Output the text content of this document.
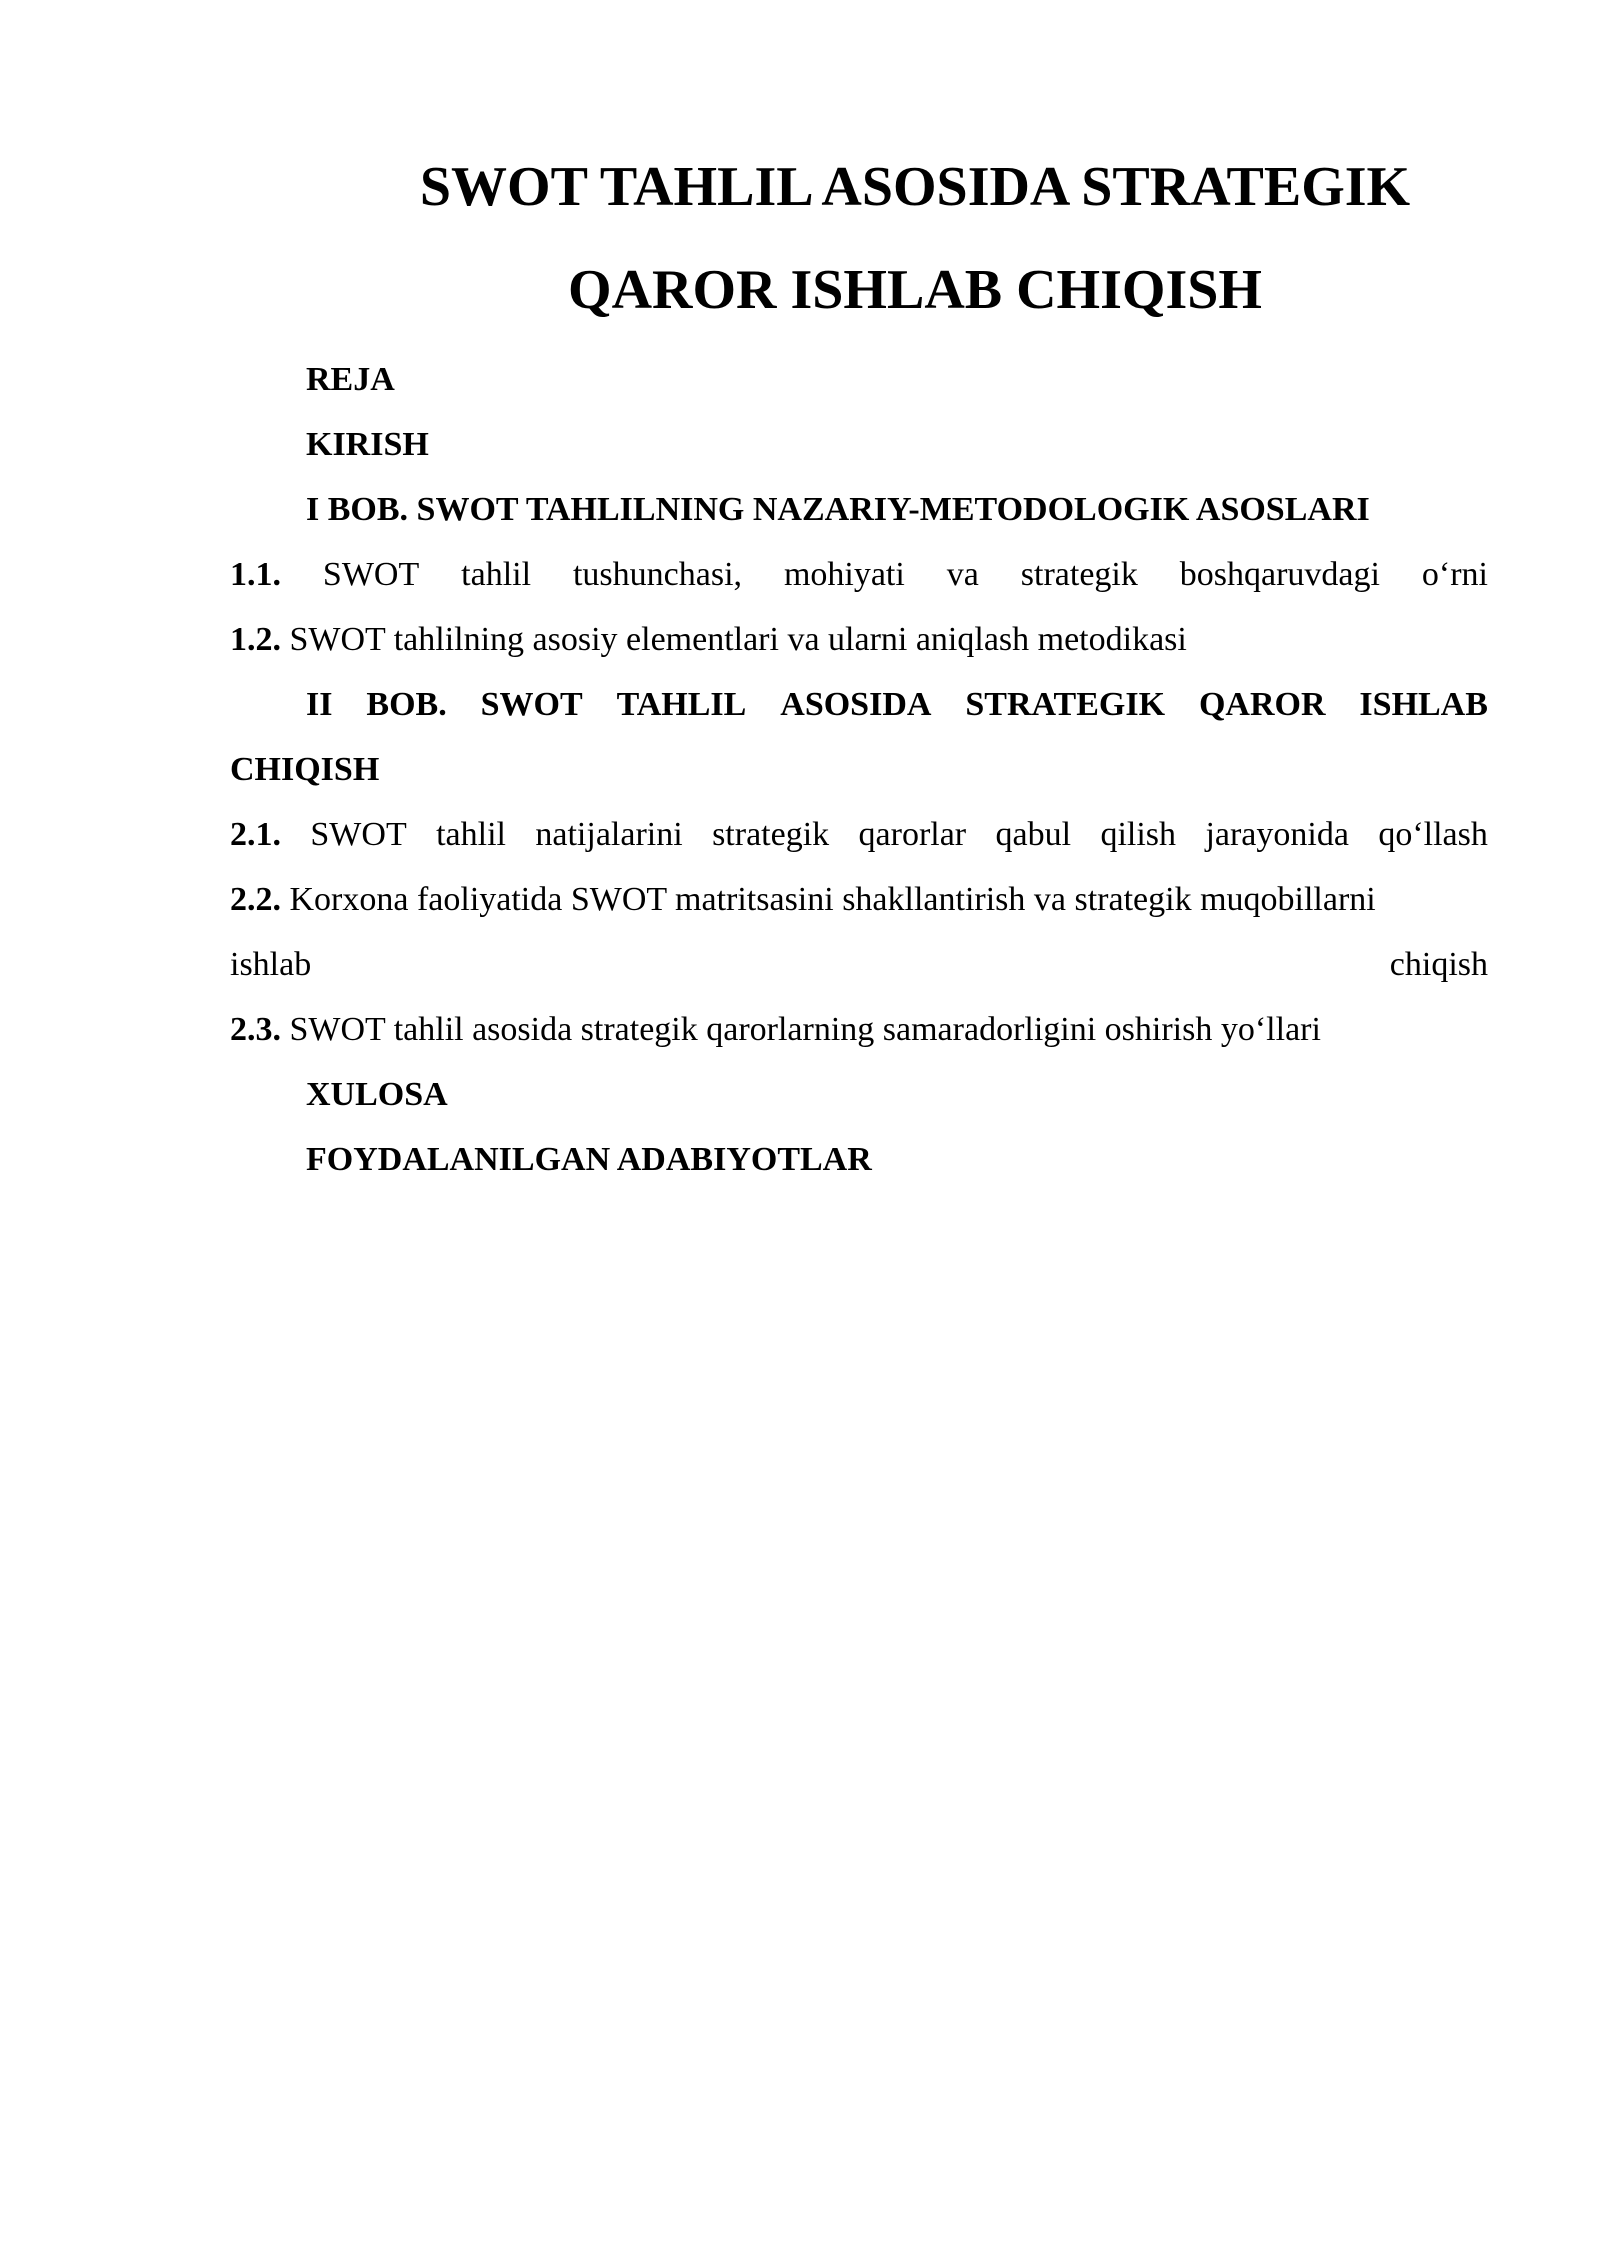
SWOT TAHLIL ASOSIDA STRATEGIK
QAROR ISHLAB CHIQISH
REJA
KIRISH
I BOB. SWOT TAHLILNING NAZARIY-METODOLOGIK ASOSLARI
1.1. SWOT tahlil tushunchasi, mohiyati va strategik boshqaruvdagi o‘rni
1.2. SWOT tahlilning asosiy elementlari va ularni aniqlash metodikasi
II BOB. SWOT TAHLIL ASOSIDA STRATEGIK QAROR ISHLAB
CHIQISH
2.1. SWOT tahlil natijalarini strategik qarorlar qabul qilish jarayonida qo‘llash
2.2. Korxona faoliyatida SWOT matritsasini shakllantirish va strategik muqobillarni
ishlab	chiqish
2.3. SWOT tahlil asosida strategik qarorlarning samaradorligini oshirish yo‘llari
XULOSA
FOYDALANILGAN ADABIYOTLAR
